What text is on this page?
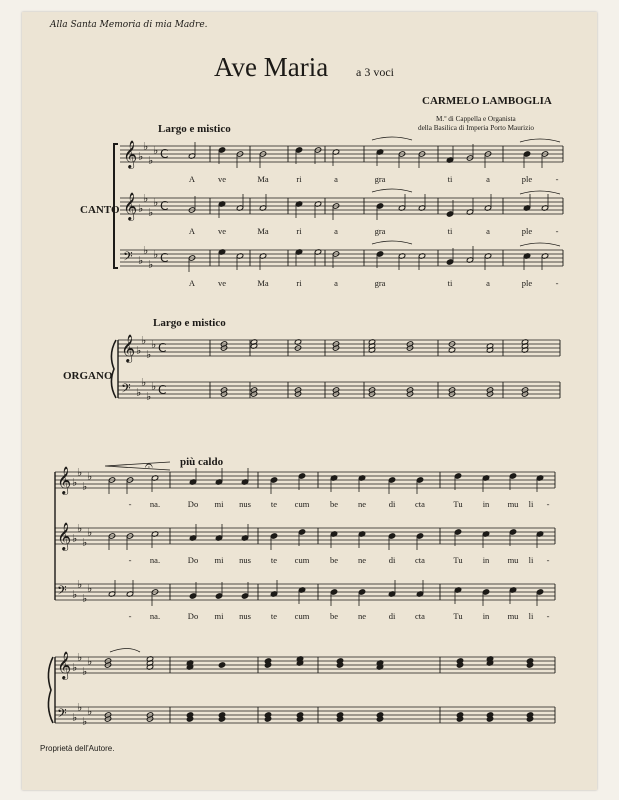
𝄞 ♭
♭
♭
♭ C
𝄞 ♭
♭
♭
♭ C
𝄢 ♭
♭
♭
♭ C
𝄞 ♭
♭
♭
♭ C
𝄢 ♭
♭
♭
♭ C
𝄞 ♭
♭
♭
♭
𝄞 ♭
♭
♭
♭
𝄢 ♭
♭
♭
♭
𝄐
𝄞 ♭
♭
♭
♭
𝄢 ♭
♭
♭
♭
Alla Santa Memoria di mia Madre.
Ave Maria a 3 voci
CARMELO LAMBOGLIA
M.º di Cappella e Organista
della Basilica di Imperia Porto Maurizio
Largo e mistico
Largo e mistico
più caldo
CANTO
ORGANO
A	ve	Ma	ri	a	gra	ti	a	ple	-
A	ve	Ma	ri	a	gra	ti	a	ple	-
A	ve	Ma	ri	a	gra	ti	a	ple	-
- na.	Do mi nus te cum be ne	di cta	Tu in mu li -
- na.	Do mi nus te cum be ne	di cta	Tu in mu li -
- na.	Do mi nus te cum be ne	di cta	Tu in mu li -
Proprietà dell'Autore.
